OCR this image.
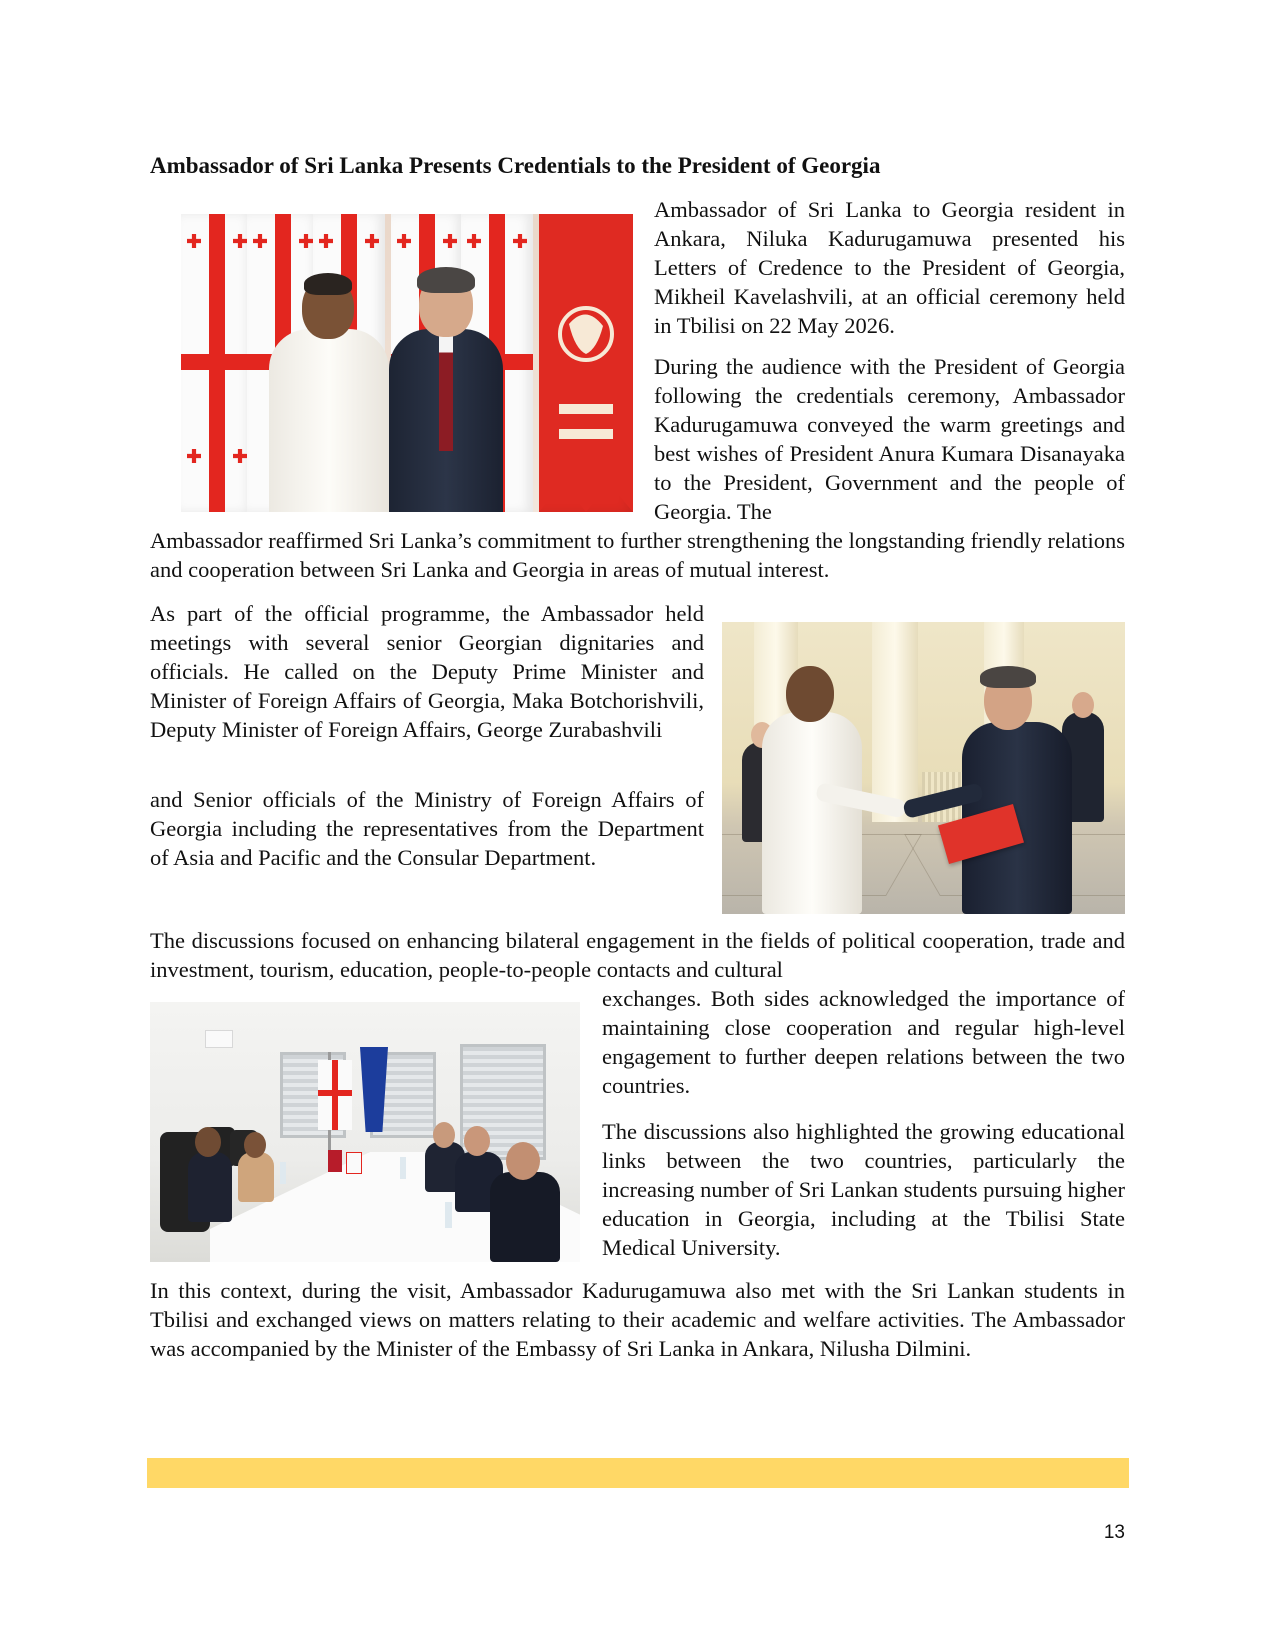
Ambassador of Sri Lanka Presents Credentials to the President of Georgia

Ambassador of Sri Lanka to Georgia resident in Ankara, Niluka Kadurugamuwa presented his Letters of Credence to the President of Georgia, Mikheil Kavelashvili, at an official ceremony held in Tbilisi on 22 May 2026.

During the audience with the President of Georgia following the credentials ceremony, Ambassador Kadurugamuwa conveyed the warm greetings and best wishes of President Anura Kumara Disanayaka to the President, Government and the people of Georgia. The

Ambassador reaffirmed Sri Lanka’s commitment to further strengthening the longstanding friendly relations and cooperation between Sri Lanka and Georgia in areas of mutual interest.

As part of the official programme, the Ambassador held meetings with several senior Georgian dignitaries and officials. He called on the Deputy Prime Minister and Minister of Foreign Affairs of Georgia, Maka Botchorishvili, Deputy Minister of Foreign Affairs, George Zurabashvili

and Senior officials of the Ministry of Foreign Affairs of Georgia including the representatives from the Department of Asia and Pacific and the Consular Department.

The discussions focused on enhancing bilateral engagement in the fields of political cooperation, trade and investment, tourism, education, people-to-people contacts and cultural

exchanges. Both sides acknowledged the importance of maintaining close cooperation and regular high-level engagement to further deepen relations between the two countries.

The discussions also highlighted the growing educational links between the two countries, particularly the increasing number of Sri Lankan students pursuing higher education in Georgia, including at the Tbilisi State Medical University.

In this context, during the visit, Ambassador Kadurugamuwa also met with the Sri Lankan students in Tbilisi and exchanged views on matters relating to their academic and welfare activities. The Ambassador was accompanied by the Minister of the Embassy of Sri Lanka in Ankara, Nilusha Dilmini.

13
